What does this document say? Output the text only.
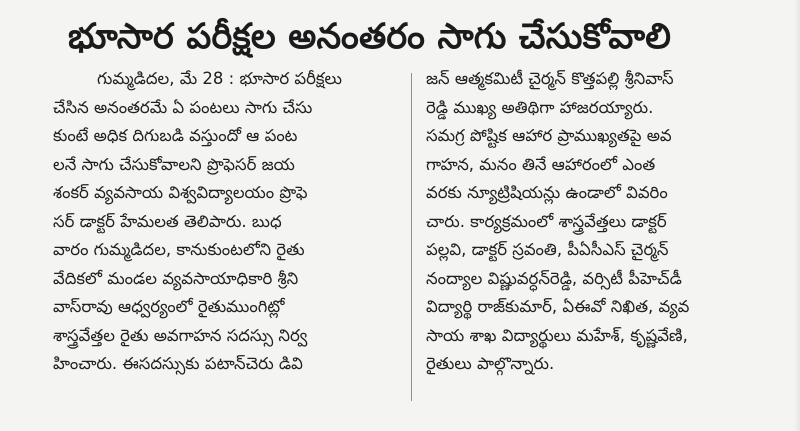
భూసార పరీక్షల అనంతరం సాగు చేసుకోవాలి
గుమ్మడిదల, మే 28 : భూసార పరీక్షలు
చేసిన అనంతరమే ఏ పంటలు సాగు చేసు
కుంటే అధిక దిగుబడి వస్తుందో ఆ పంట
లనే సాగు చేసుకోవాలని ప్రొఫెసర్ జయ
శంకర్ వ్యవసాయ విశ్వవిద్యాలయం ప్రొఫె
సర్ డాక్టర్ హేమలత తెలిపారు. బుధ
వారం గుమ్మడిదల, కానుకుంటలోని రైతు
వేదికలో మండల వ్యవసాయాధికారి శ్రీని
వాస్‌రావు ఆధ్వర్యంలో రైతుముంగిట్లో
శాస్త్రవేత్తల రైతు అవగాహన సదస్సు నిర్వ
హించారు. ఈసదస్సుకు పటాన్‌చెరు డివి
జన్ ఆత్మకమిటీ చైర్మన్ కొత్తపల్లి శ్రీనివాస్
రెడ్డి ముఖ్య అతిథిగా హాజరయ్యారు.
సమగ్ర పోష్టిక ఆహార ప్రాముఖ్యతపై అవ
గాహన, మనం తినే ఆహారంలో ఎంత
వరకు న్యూట్రిషియన్లు ఉండాలో వివరిం
చారు. కార్యక్రమంలో శాస్త్రవేత్తలు డాక్టర్
పల్లవి, డాక్టర్ స్రవంతి, పీఏసీఎస్ చైర్మన్
నంద్యాల విష్ణువర్ధన్‌రెడ్డి, వర్సిటీ పీహెచ్‌డీ
విద్యార్థి రాజ్‌కుమార్, ఏఈవో నిఖిత, వ్యవ
సాయ శాఖ విద్యార్థులు మహేశ్, కృష్ణవేణి,
రైతులు పాల్గొన్నారు.
